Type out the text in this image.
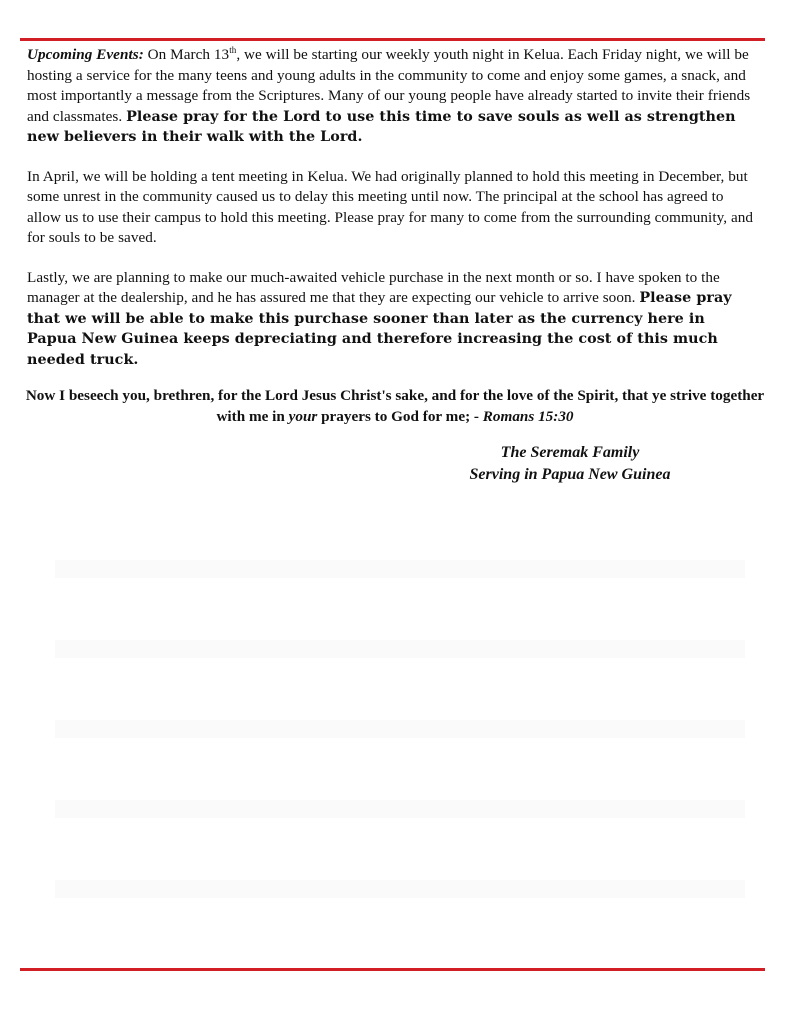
Upcoming Events: On March 13th, we will be starting our weekly youth night in Kelua. Each Friday night, we will be hosting a service for the many teens and young adults in the community to come and enjoy some games, a snack, and most importantly a message from the Scriptures. Many of our young people have already started to invite their friends and classmates. Please pray for the Lord to use this time to save souls as well as strengthen new believers in their walk with the Lord.

In April, we will be holding a tent meeting in Kelua. We had originally planned to hold this meeting in December, but some unrest in the community caused us to delay this meeting until now. The principal at the school has agreed to allow us to use their campus to hold this meeting. Please pray for many to come from the surrounding community, and for souls to be saved.

Lastly, we are planning to make our much-awaited vehicle purchase in the next month or so. I have spoken to the manager at the dealership, and he has assured me that they are expecting our vehicle to arrive soon. Please pray that we will be able to make this purchase sooner than later as the currency here in Papua New Guinea keeps depreciating and therefore increasing the cost of this much needed truck.

Now I beseech you, brethren, for the Lord Jesus Christ's sake, and for the love of the Spirit, that ye strive together with me in your prayers to God for me; - Romans 15:30
The Seremak Family
Serving in Papua New Guinea
